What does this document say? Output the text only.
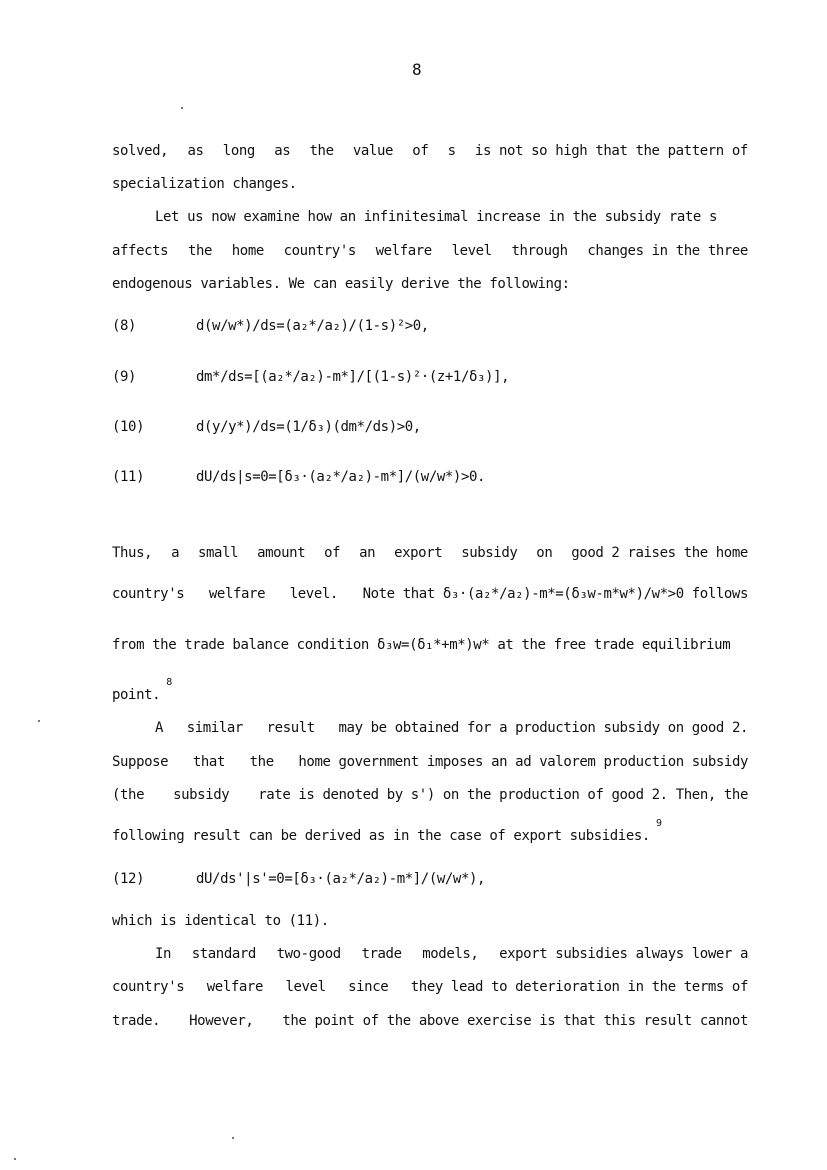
8
solved, as long as the value of s is not so high that the pattern of
specialization changes.
Let us now examine how an infinitesimal increase in the subsidy rate s
affects the home country's welfare level through changes in the three
endogenous variables. We can easily derive the following:
(8)	d(w/w*)/ds=(a₂*/a₂)/(1-s)²>0,
(9)	dm*/ds=[(a₂*/a₂)-m*]/[(1-s)²·(z+1/δ₃)],
(10)	d(y/y*)/ds=(1/δ₃)(dm*/ds)>0,
(11)	dU/ds|s=0=[δ₃·(a₂*/a₂)-m*]/(w/w*)>0.
Thus, a small amount of an export subsidy on good 2 raises the home
country's welfare level. Note that δ₃·(a₂*/a₂)-m*=(δ₃w-m*w*)/w*>0 follows
from the trade balance condition δ₃w=(δ₁*+m*)w* at the free trade equilibrium
point.$^8$
A similar result may be obtained for a production subsidy on good 2.
Suppose that the home government imposes an ad valorem production subsidy
(the subsidy rate is denoted by s') on the production of good 2. Then, the
following result can be derived as in the case of export subsidies.$^9$
(12)	dU/ds'|s'=0=[δ₃·(a₂*/a₂)-m*]/(w/w*),
which is identical to (11).
In standard two-good trade models, export subsidies always lower a
country's welfare level since they lead to deterioration in the terms of
trade. However, the point of the above exercise is that this result cannot
